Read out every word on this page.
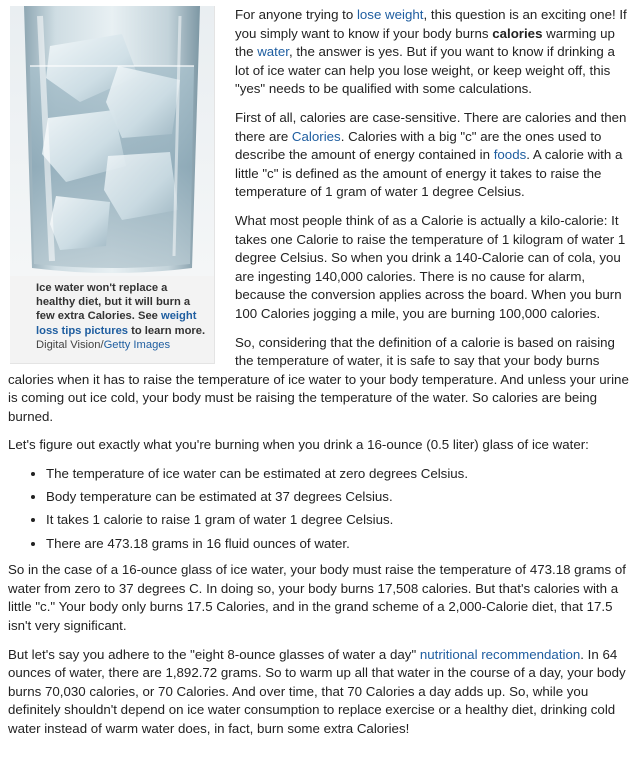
Ice water won't replace a healthy diet, but it will burn a few extra Calories. See weight loss tips pictures to learn more.
Digital Vision/Getty Images

For anyone trying to lose weight, this question is an exciting one! If you simply want to know if your body burns calories warming up the water, the answer is yes. But if you want to know if drinking a lot of ice water can help you lose weight, or keep weight off, this "yes" needs to be qualified with some calculations.

First of all, calories are case-sensitive. There are calories and then there are Calories. Calories with a big "c" are the ones used to describe the amount of energy contained in foods. A calorie with a little "c" is defined as the amount of energy it takes to raise the temperature of 1 gram of water 1 degree Celsius.

What most people think of as a Calorie is actually a kilo-calorie: It takes one Calorie to raise the temperature of 1 kilogram of water 1 degree Celsius. So when you drink a 140-Calorie can of cola, you are ingesting 140,000 calories. There is no cause for alarm, because the conversion applies across the board. When you burn 100 Calories jogging a mile, you are burning 100,000 calories.

So, considering that the definition of a calorie is based on raising the temperature of water, it is safe to say that your body burns calories when it has to raise the temperature of ice water to your body temperature. And unless your urine is coming out ice cold, your body must be raising the temperature of the water. So calories are being burned.

Let's figure out exactly what you're burning when you drink a 16-ounce (0.5 liter) glass of ice water:

• The temperature of ice water can be estimated at zero degrees Celsius.
• Body temperature can be estimated at 37 degrees Celsius.
• It takes 1 calorie to raise 1 gram of water 1 degree Celsius.
• There are 473.18 grams in 16 fluid ounces of water.

So in the case of a 16-ounce glass of ice water, your body must raise the temperature of 473.18 grams of water from zero to 37 degrees C. In doing so, your body burns 17,508 calories. But that's calories with a little "c." Your body only burns 17.5 Calories, and in the grand scheme of a 2,000-Calorie diet, that 17.5 isn't very significant.

But let's say you adhere to the "eight 8-ounce glasses of water a day" nutritional recommendation. In 64 ounces of water, there are 1,892.72 grams. So to warm up all that water in the course of a day, your body burns 70,030 calories, or 70 Calories. And over time, that 70 Calories a day adds up. So, while you definitely shouldn't depend on ice water consumption to replace exercise or a healthy diet, drinking cold water instead of warm water does, in fact, burn some extra Calories!
